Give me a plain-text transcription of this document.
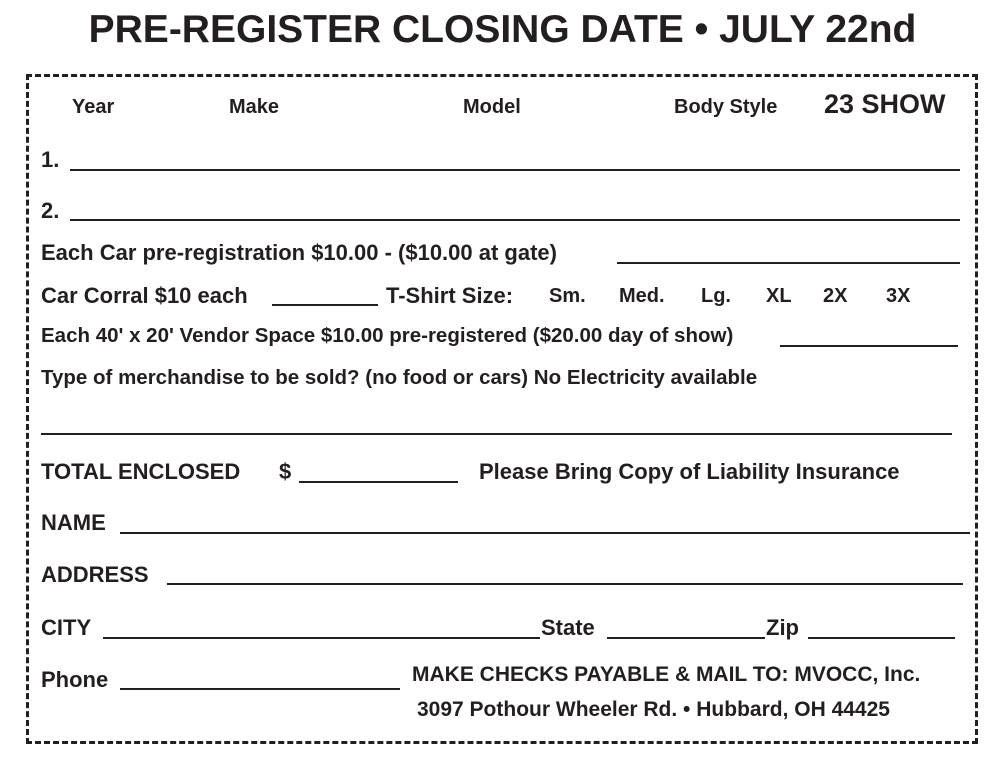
PRE-REGISTER CLOSING DATE • JULY 22nd
Year	Make	Model	Body Style 23 SHOW
1.
2.
Each Car pre-registration $10.00 - ($10.00 at gate)
Car Corral $10 each	T-Shirt Size: Sm. Med. Lg. XL 2X 3X
Each 40' x 20' Vendor Space $10.00 pre-registered ($20.00 day of show)
Type of merchandise to be sold? (no food or cars) No Electricity available
TOTAL ENCLOSED $	Please Bring Copy of Liability Insurance
NAME
ADDRESS
CITY	State	Zip
Phone	MAKE CHECKS PAYABLE & MAIL TO: MVOCC, Inc.
3097 Pothour Wheeler Rd. • Hubbard, OH 44425
